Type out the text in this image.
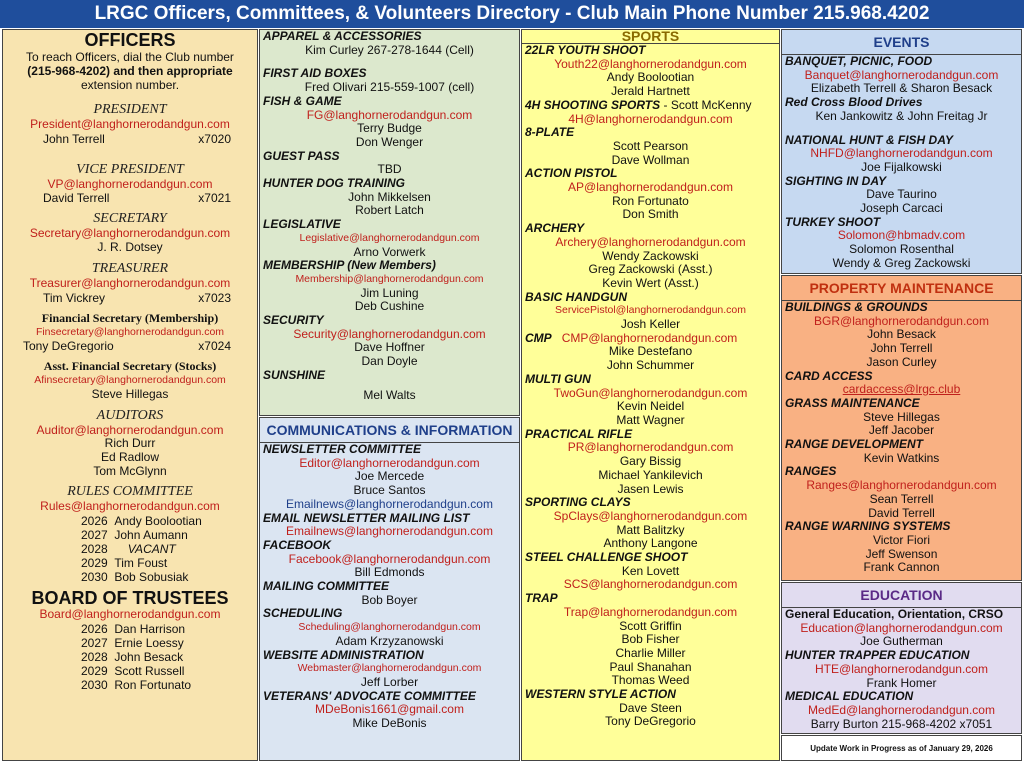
LRGC Officers, Committees, & Volunteers Directory - Club Main Phone Number 215.968.4202
OFFICERS
To reach Officers, dial the Club number
(215-968-4202) and then appropriate
extension number.
PRESIDENT
President@langhornerodandgun.com
John Terrell	x7020
VICE PRESIDENT
VP@langhornerodandgun.com
David Terrell	x7021
SECRETARY
Secretary@langhornerodandgun.com
J. R. Dotsey
TREASURER
Treasurer@langhornerodandgun.com
Tim Vickrey	x7023
Financial Secretary (Membership)
Finsecretary@langhornerodandgun.com
Tony DeGregorio	x7024
Asst. Financial Secretary (Stocks)
Afinsecretary@langhornerodandgun.com
Steve Hillegas
AUDITORS
Auditor@langhornerodandgun.com
Rich Durr
Ed Radlow
Tom McGlynn
RULES COMMITTEE
Rules@langhornerodandgun.com
2026 Andy Boolootian
2027 John Aumann
2028 VACANT
2029 Tim Foust
2030 Bob Sobusiak
BOARD OF TRUSTEES
Board@langhornerodandgun.com
2026 Dan Harrison
2027 Ernie Loessy
2028 John Besack
2029 Scott Russell
2030 Ron Fortunato
APPAREL & ACCESSORIES
Kim Curley 267-278-1644 (Cell)
FIRST AID BOXES
Fred Olivari 215-559-1007 (cell)
FISH & GAME
FG@langhornerodandgun.com
Terry Budge
Don Wenger
GUEST PASS
TBD
HUNTER DOG TRAINING
John Mikkelsen
Robert Latch
LEGISLATIVE
Legislative@langhornerodandgun.com
Arno Vorwerk
MEMBERSHIP (New Members)
Membership@langhornerodandgun.com
Jim Luning
Deb Cushine
SECURITY
Security@langhornerodandgun.com
Dave Hoffner
Dan Doyle
SUNSHINE
Mel Walts
COMMUNICATIONS & INFORMATION
NEWSLETTER COMMITTEE
Editor@langhornerodandgun.com
Joe Mercede
Bruce Santos
Emailnews@langhornerodandgun.com
EMAIL NEWSLETTER MAILING LIST
Emailnews@langhornerodandgun.com
FACEBOOK
Facebook@langhornerodandgun.com
Bill Edmonds
MAILING COMMITTEE
Bob Boyer
SCHEDULING
Scheduling@langhornerodandgun.com
Adam Krzyzanowski
WEBSITE ADMINISTRATION
Webmaster@langhornerodandgun.com
Jeff Lorber
VETERANS' ADVOCATE COMMITTEE
MDeBonis1661@gmail.com
Mike DeBonis
SPORTS
22LR YOUTH SHOOT
Youth22@langhornerodandgun.com
Andy Boolootian
Jerald Hartnett
4H SHOOTING SPORTS - Scott McKenny
4H@langhornerodandgun.com
8-PLATE
Scott Pearson
Dave Wollman
ACTION PISTOL
AP@langhornerodandgun.com
Ron Fortunato
Don Smith
ARCHERY
Archery@langhornerodandgun.com
Wendy Zackowski
Greg Zackowski (Asst.)
Kevin Wert (Asst.)
BASIC HANDGUN
ServicePistol@langhornerodandgun.com
Josh Keller
CMP CMP@langhornerodandgun.com
Mike Destefano
John Schummer
MULTI GUN
TwoGun@langhornerodandgun.com
Kevin Neidel
Matt Wagner
PRACTICAL RIFLE
PR@langhornerodandgun.com
Gary Bissig
Michael Yankilevich
Jasen Lewis
SPORTING CLAYS
SpClays@langhornerodandgun.com
Matt Balitzky
Anthony Langone
STEEL CHALLENGE SHOOT
Ken Lovett
SCS@langhornerodandgun.com
TRAP
Trap@langhornerodandgun.com
Scott Griffin
Bob Fisher
Charlie Miller
Paul Shanahan
Thomas Weed
WESTERN STYLE ACTION
Dave Steen
Tony DeGregorio
EVENTS
BANQUET, PICNIC, FOOD
Banquet@langhornerodandgun.com
Elizabeth Terrell & Sharon Besack
Red Cross Blood Drives
Ken Jankowitz & John Freitag Jr
NATIONAL HUNT & FISH DAY
NHFD@langhornerodandgun.com
Joe Fijalkowski
SIGHTING IN DAY
Dave Taurino
Joseph Carcaci
TURKEY SHOOT
Solomon@hbmadv.com
Solomon Rosenthal
Wendy & Greg Zackowski
PROPERTY MAINTENANCE
BUILDINGS & GROUNDS
BGR@langhornerodandgun.com
John Besack
John Terrell
Jason Curley
CARD ACCESS
cardaccess@lrgc.club
GRASS MAINTENANCE
Steve Hillegas
Jeff Jacober
RANGE DEVELOPMENT
Kevin Watkins
RANGES
Ranges@langhornerodandgun.com
Sean Terrell
David Terrell
RANGE WARNING SYSTEMS
Victor Fiori
Jeff Swenson
Frank Cannon
EDUCATION
General Education, Orientation, CRSO
Education@langhornerodandgun.com
Joe Gutherman
HUNTER TRAPPER EDUCATION
HTE@langhornerodandgun.com
Frank Homer
MEDICAL EDUCATION
MedEd@langhornerodandgun.com
Barry Burton 215-968-4202 x7051
Update Work in Progress as of January 29, 2026
